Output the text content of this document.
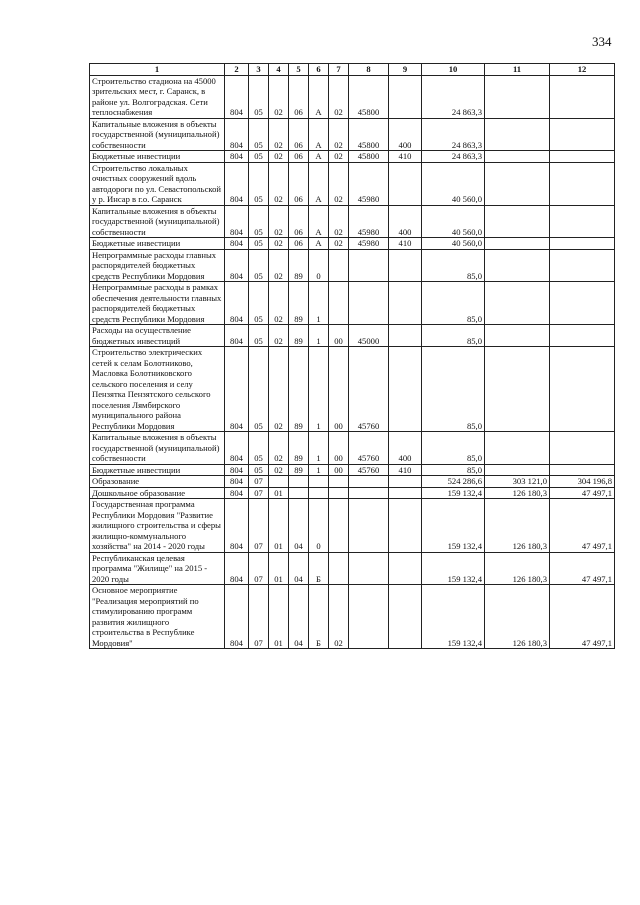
334
1	2	3	4	5	6	7	8	9	10	11	12
Строительство стадиона на 45000 зрительских мест, г. Саранск, в районе ул. Волгоградская. Сети теплоснабжения	804	05	02	06	А	02	45800		24 863,3		
Капитальные вложения в объекты государственной (муниципальной) собственности	804	05	02	06	А	02	45800	400	24 863,3		
Бюджетные инвестиции	804	05	02	06	А	02	45800	410	24 863,3		
Строительство локальных очистных сооружений вдоль автодороги по ул. Севастопольской у р. Инсар в г.о. Саранск	804	05	02	06	А	02	45980		40 560,0		
Капитальные вложения в объекты государственной (муниципальной) собственности	804	05	02	06	А	02	45980	400	40 560,0		
Бюджетные инвестиции	804	05	02	06	А	02	45980	410	40 560,0		
Непрограммные расходы главных распорядителей бюджетных средств Республики Мордовия	804	05	02	89	0				85,0		
Непрограммные расходы в рамках обеспечения деятельности главных распорядителей бюджетных средств Республики Мордовия	804	05	02	89	1				85,0		
Расходы на осуществление бюджетных инвестиций	804	05	02	89	1	00	45000		85,0		
Строительство электрических сетей к селам Болотниково, Масловка Болотниковского сельского поселения и селу Пензятка Пензятского сельского поселения Лямбирского муниципального района Республики Мордовия	804	05	02	89	1	00	45760		85,0		
Капитальные вложения в объекты государственной (муниципальной) собственности	804	05	02	89	1	00	45760	400	85,0		
Бюджетные инвестиции	804	05	02	89	1	00	45760	410	85,0		
Образование	804	07							524 286,6	303 121,0	304 196,8
Дошкольное образование	804	07	01						159 132,4	126 180,3	47 497,1
Государственная программа Республики Мордовия "Развитие жилищного строительства и сферы жилищно-коммунального хозяйства" на 2014 - 2020 годы	804	07	01	04	0				159 132,4	126 180,3	47 497,1
Республиканская целевая программа "Жилище" на 2015 - 2020 годы	804	07	01	04	Б				159 132,4	126 180,3	47 497,1
Основное мероприятие "Реализация мероприятий по стимулированию программ развития жилищного строительства в Республике Мордовия"	804	07	01	04	Б	02			159 132,4	126 180,3	47 497,1
